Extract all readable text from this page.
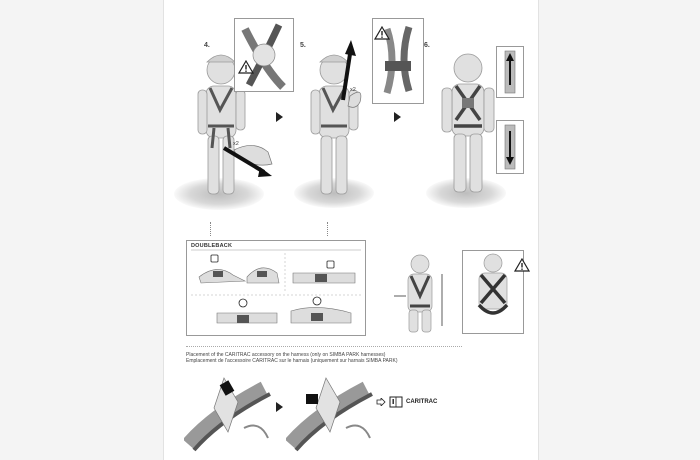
4.
x2
5.
x2
6.
DOUBLEBACK
Placement of the CARITRAC accessory on the harness (only on SIMBA PARK harnesses)
Emplacement de l'accessoire CARITRAC sur le harnais (uniquement sur harnais SIMBA PARK)
CARITRAC
